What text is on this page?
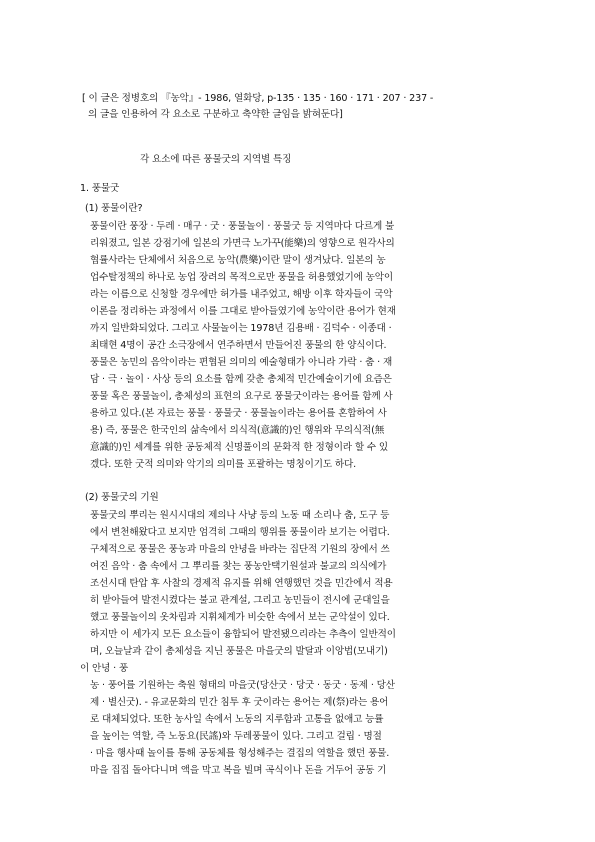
[ 이 글은 정병호의 『농악』- 1986, 열화당, p-135 · 135 · 160 · 171 · 207 · 237 -
의 글을 인용하여 각 요소로 구분하고 축약한 글임을 밝혀둔다]
각 요소에 따른 풍물굿의 지역별 특징
1. 풍물굿
(1) 풍물이란?
풍물이란 풍장 · 두레 · 매구 · 굿 · 풍물놀이 · 풍물굿 등 지역마다 다르게 불
리워졌고, 일본 강점기에 일본의 가면극 노가꾸(能樂)의 영향으로 원각사의
협률사라는 단체에서 처음으로 농악(農樂)이란 말이 생겨났다. 일본의 농
업수탈정책의 하나로 농업 장려의 목적으로만 풍물을 허용했었기에 농악이
라는 이름으로 신청할 경우에만 허가를 내주었고, 해방 이후 학자들이 국악
이론을 정리하는 과정에서 이를 그대로 받아들였기에 농악이란 용어가 현재
까지 일반화되었다. 그리고 사물놀이는 1978년 김용배 · 김덕수 · 이종대 ·
최태현 4명이 공간 소극장에서 연주하면서 만들어진 풍물의 한 양식이다.
풍물은 농민의 음악이라는 편협된 의미의 예술형태가 아니라 가락 · 춤 · 재
담 · 극 · 놀이 · 사상 등의 요소를 함께 갖춘 총체적 민간예술이기에 요즘은
풍물 혹은 풍물놀이, 총체성의 표현의 요구로 풍물굿이라는 용어를 함께 사
용하고 있다.(본 자료는 풍물 · 풍물굿 · 풍물놀이라는 용어를 혼합하여 사
용) 즉, 풍물은 한국인의 삶속에서 의식적(意識的)인 행위와 무의식적(無
意識的)인 세계를 위한 공동체적 신명풀이의 문화적 한 정형이라 할 수 있
겠다. 또한 굿적 의미와 악기의 의미를 포괄하는 명칭이기도 하다.
(2) 풍물굿의 기원
풍물굿의 뿌리는 원시시대의 제의나 사냥 등의 노동 때 소리나 춤, 도구 등
에서 변천해왔다고 보지만 엄격히 그때의 행위를 풍물이라 보기는 어렵다.
구체적으로 풍물은 풍농과 마을의 안녕을 바라는 집단적 기원의 장에서 쓰
여진 음악 · 춤 속에서 그 뿌리를 찾는 풍농안택기원설과 불교의 의식에가
조선시대 탄압 후 사찰의 경제적 유지를 위해 연행했던 것을 민간에서 적용
히 받아들여 발전시켰다는 불교 관계설, 그리고 농민들이 전시에 군대일을
했고 풍물놀이의 옷차림과 지휘체계가 비슷한 속에서 보는 군악설이 있다.
하지만 이 세가지 모든 요소들이 융합되어 발전됐으리라는 추측이 일반적이
며, 오늘날과 같이 총체성을 지닌 풍물은 마을굿의 발달과 이앙법(모내기)
이 안녕 · 풍
농 · 풍어를 기원하는 축원 형태의 마을굿(당산굿 · 당굿 · 동굿 · 동제 · 당산
제 · 별신굿). - 유교문화의 민간 침투 후 굿이라는 용어는 제(祭)라는 용어
로 대체되었다. 또한 농사일 속에서 노동의 지루함과 고통을 없애고 능률
을 높이는 역할, 즉 노동요(民謠)와 두레풍물이 있다. 그리고 걸립 · 명절
· 마을 행사때 놀이를 통해 공동체를 형성해주는 결집의 역할을 했던 풍물.
마을 집집 돌아다니며 액을 막고 복을 빌며 곡식이나 돈을 거두어 공동 기
